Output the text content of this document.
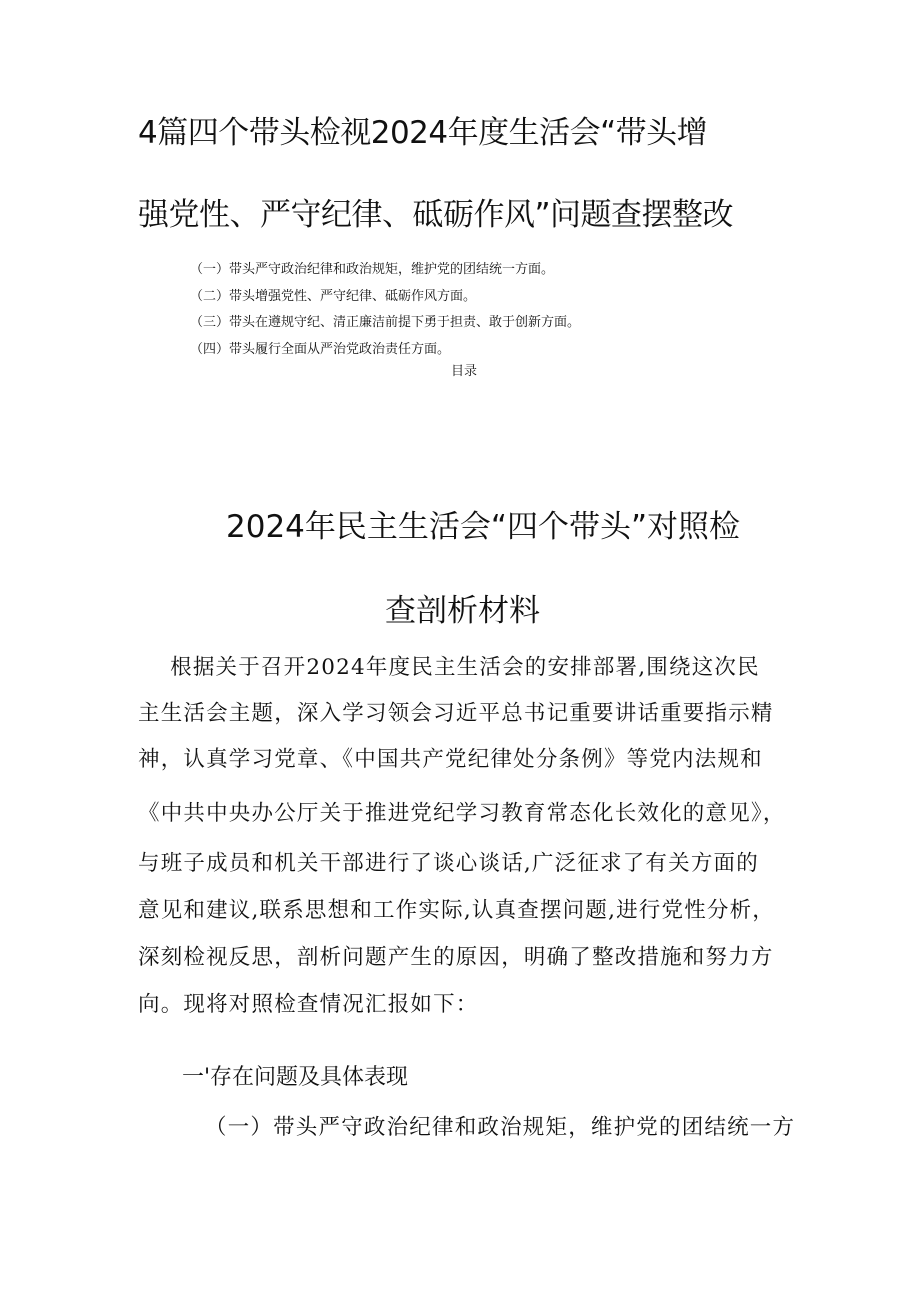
4篇四个带头检视2024年度生活会“带头增
强党性、严守纪律、砥砺作风”问题查摆整改
（一）带头严守政治纪律和政治规矩，维护党的团结统一方面。
（二）带头增强党性、严守纪律、砥砺作风方面。
（三）带头在遵规守纪、清正廉洁前提下勇于担责、敢于创新方面。
（四）带头履行全面从严治党政治责任方面。
目录
2024年民主生活会“四个带头”对照检
查剖析材料
根据关于召开2024年度民主生活会的安排部署,围绕这次民
主生活会主题，深入学习领会习近平总书记重要讲话重要指示精
神，认真学习党章、《中国共产党纪律处分条例》等党内法规和
《中共中央办公厅关于推进党纪学习教育常态化长效化的意见》，
与班子成员和机关干部进行了谈心谈话,广泛征求了有关方面的
意见和建议,联系思想和工作实际,认真查摆问题,进行党性分析，
深刻检视反思，剖析问题产生的原因，明确了整改措施和努力方
向。现将对照检查情况汇报如下：
一'存在问题及具体表现
（一）带头严守政治纪律和政治规矩，维护党的团结统一方
